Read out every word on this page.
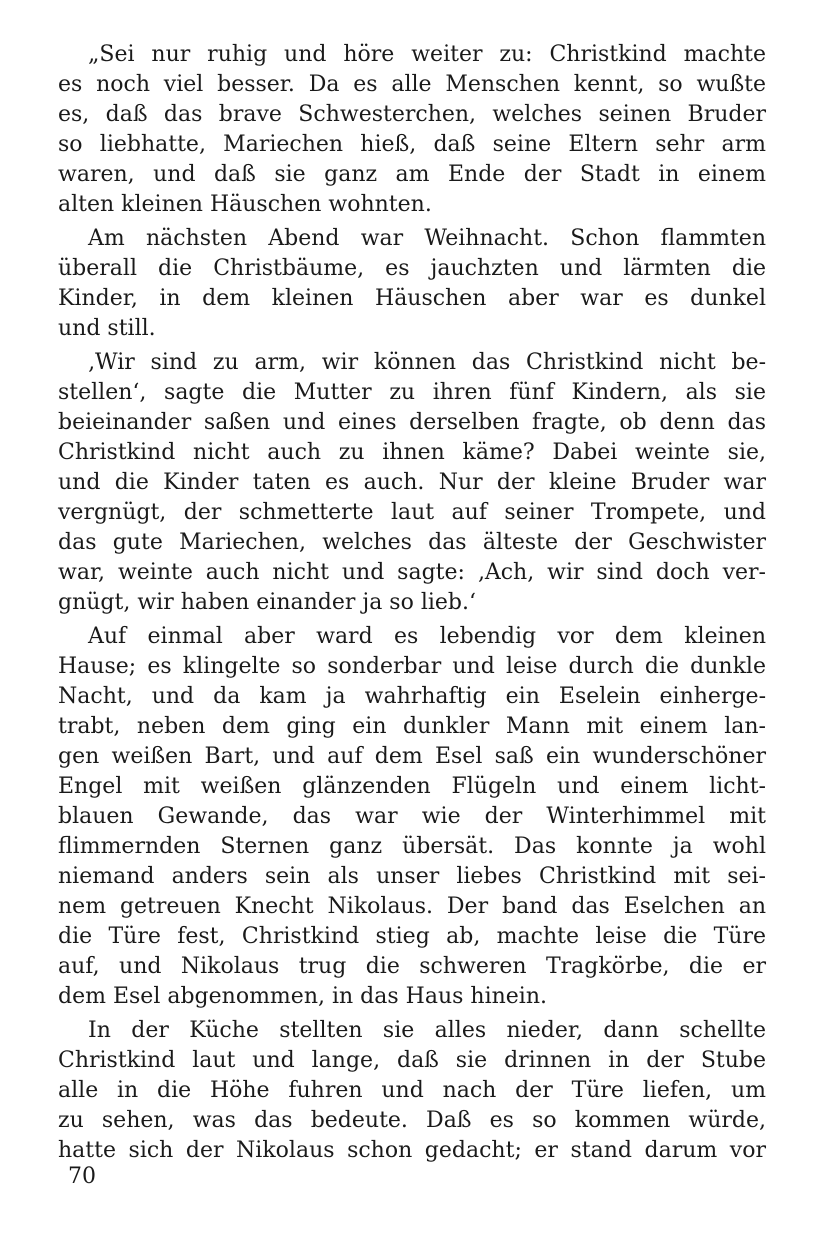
„Sei nur ruhig und höre weiter zu: Christkind machte
es noch viel besser. Da es alle Menschen kennt, so wußte
es, daß das brave Schwesterchen, welches seinen Bruder
so liebhatte, Mariechen hieß, daß seine Eltern sehr arm
waren, und daß sie ganz am Ende der Stadt in einem
alten kleinen Häuschen wohnten.
Am nächsten Abend war Weihnacht. Schon flammten
überall die Christbäume, es jauchzten und lärmten die
Kinder, in dem kleinen Häuschen aber war es dunkel
und still.
‚Wir sind zu arm, wir können das Christkind nicht be-
stellen‘, sagte die Mutter zu ihren fünf Kindern, als sie
beieinander saßen und eines derselben fragte, ob denn das
Christkind nicht auch zu ihnen käme? Dabei weinte sie,
und die Kinder taten es auch. Nur der kleine Bruder war
vergnügt, der schmetterte laut auf seiner Trompete, und
das gute Mariechen, welches das älteste der Geschwister
war, weinte auch nicht und sagte: ‚Ach, wir sind doch ver-
gnügt, wir haben einander ja so lieb.‘
Auf einmal aber ward es lebendig vor dem kleinen
Hause; es klingelte so sonderbar und leise durch die dunkle
Nacht, und da kam ja wahrhaftig ein Eselein einherge-
trabt, neben dem ging ein dunkler Mann mit einem lan-
gen weißen Bart, und auf dem Esel saß ein wunderschöner
Engel mit weißen glänzenden Flügeln und einem licht-
blauen Gewande, das war wie der Winterhimmel mit
flimmernden Sternen ganz übersät. Das konnte ja wohl
niemand anders sein als unser liebes Christkind mit sei-
nem getreuen Knecht Nikolaus. Der band das Eselchen an
die Türe fest, Christkind stieg ab, machte leise die Türe
auf, und Nikolaus trug die schweren Tragkörbe, die er
dem Esel abgenommen, in das Haus hinein.
In der Küche stellten sie alles nieder, dann schellte
Christkind laut und lange, daß sie drinnen in der Stube
alle in die Höhe fuhren und nach der Türe liefen, um
zu sehen, was das bedeute. Daß es so kommen würde,
hatte sich der Nikolaus schon gedacht; er stand darum vor
70
